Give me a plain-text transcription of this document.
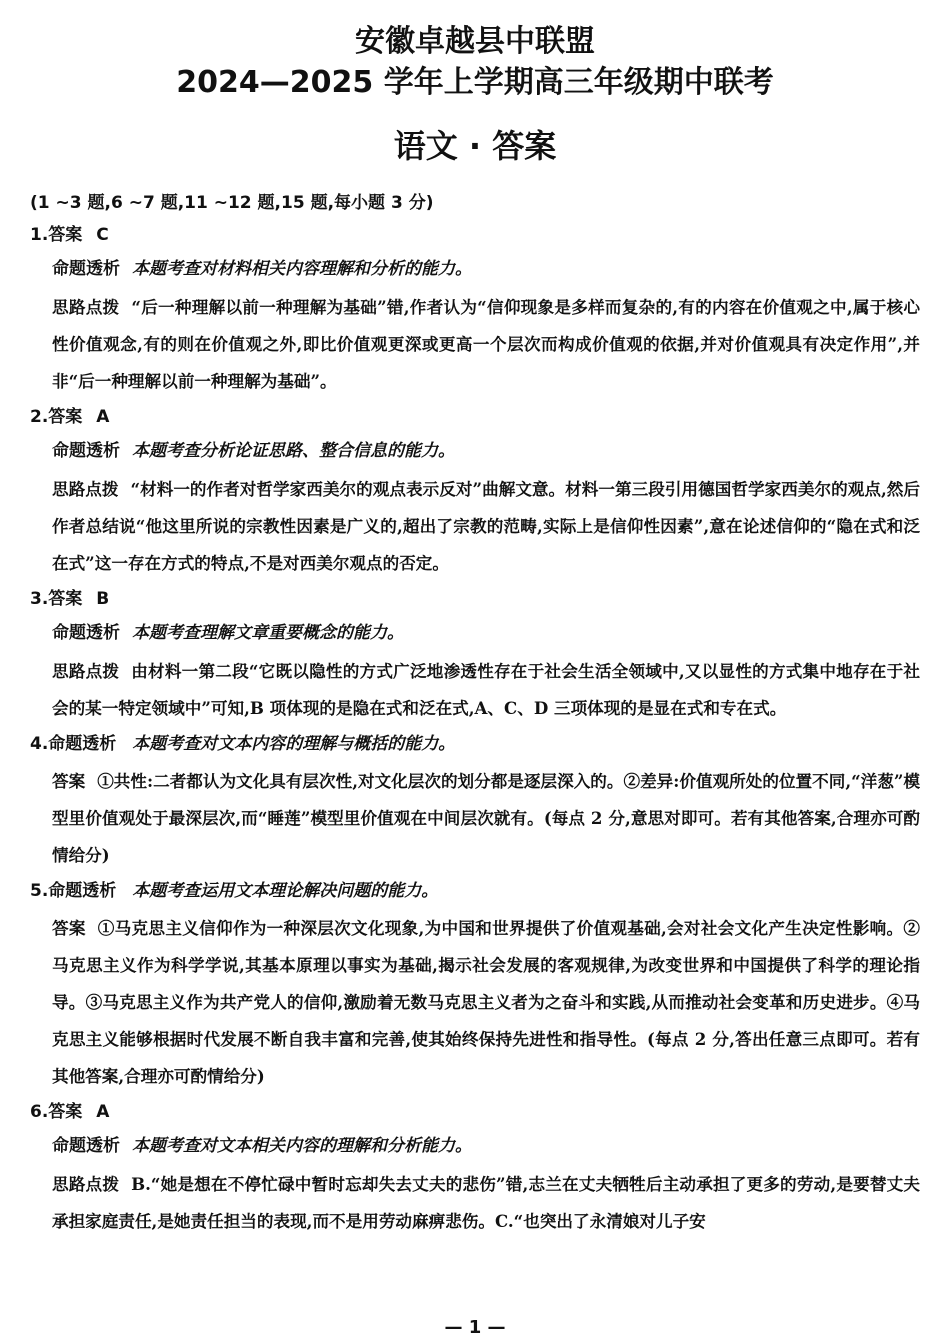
安徽卓越县中联盟
2024—2025 学年上学期高三年级期中联考
语文 · 答案
(1 ~3 题,6 ~7 题,11 ~12 题,15 题,每小题 3 分)
1.答案 C
命题透析 本题考查对材料相关内容理解和分析的能力。
思路点拨 “后一种理解以前一种理解为基础”错,作者认为“信仰现象是多样而复杂的,有的内容在价值观之中,属于核心性价值观念,有的则在价值观之外,即比价值观更深或更高一个层次而构成价值观的依据,并对价值观具有决定作用”,并非“后一种理解以前一种理解为基础”。
2.答案 A
命题透析 本题考查分析论证思路、整合信息的能力。
思路点拨 “材料一的作者对哲学家西美尔的观点表示反对”曲解文意。材料一第三段引用德国哲学家西美尔的观点,然后作者总结说“他这里所说的宗教性因素是广义的,超出了宗教的范畴,实际上是信仰性因素”,意在论述信仰的“隐在式和泛在式”这一存在方式的特点,不是对西美尔观点的否定。
3.答案 B
命题透析 本题考查理解文章重要概念的能力。
思路点拨 由材料一第二段“它既以隐性的方式广泛地渗透性存在于社会生活全领域中,又以显性的方式集中地存在于社会的某一特定领域中”可知,B 项体现的是隐在式和泛在式,A、C、D 三项体现的是显在式和专在式。
4.命题透析 本题考查对文本内容的理解与概括的能力。
答案 ①共性:二者都认为文化具有层次性,对文化层次的划分都是逐层深入的。②差异:价值观所处的位置不同,“洋葱”模型里价值观处于最深层次,而“睡莲”模型里价值观在中间层次就有。(每点 2 分,意思对即可。若有其他答案,合理亦可酌情给分)
5.命题透析 本题考查运用文本理论解决问题的能力。
答案 ①马克思主义信仰作为一种深层次文化现象,为中国和世界提供了价值观基础,会对社会文化产生决定性影响。②马克思主义作为科学学说,其基本原理以事实为基础,揭示社会发展的客观规律,为改变世界和中国提供了科学的理论指导。③马克思主义作为共产党人的信仰,激励着无数马克思主义者为之奋斗和实践,从而推动社会变革和历史进步。④马克思主义能够根据时代发展不断自我丰富和完善,使其始终保持先进性和指导性。(每点 2 分,答出任意三点即可。若有其他答案,合理亦可酌情给分)
6.答案 A
命题透析 本题考查对文本相关内容的理解和分析能力。
思路点拨 B.“她是想在不停忙碌中暂时忘却失去丈夫的悲伤”错,志兰在丈夫牺牲后主动承担了更多的劳动,是要替丈夫承担家庭责任,是她责任担当的表现,而不是用劳动麻痹悲伤。C.“也突出了永清娘对儿子安
— 1 —
